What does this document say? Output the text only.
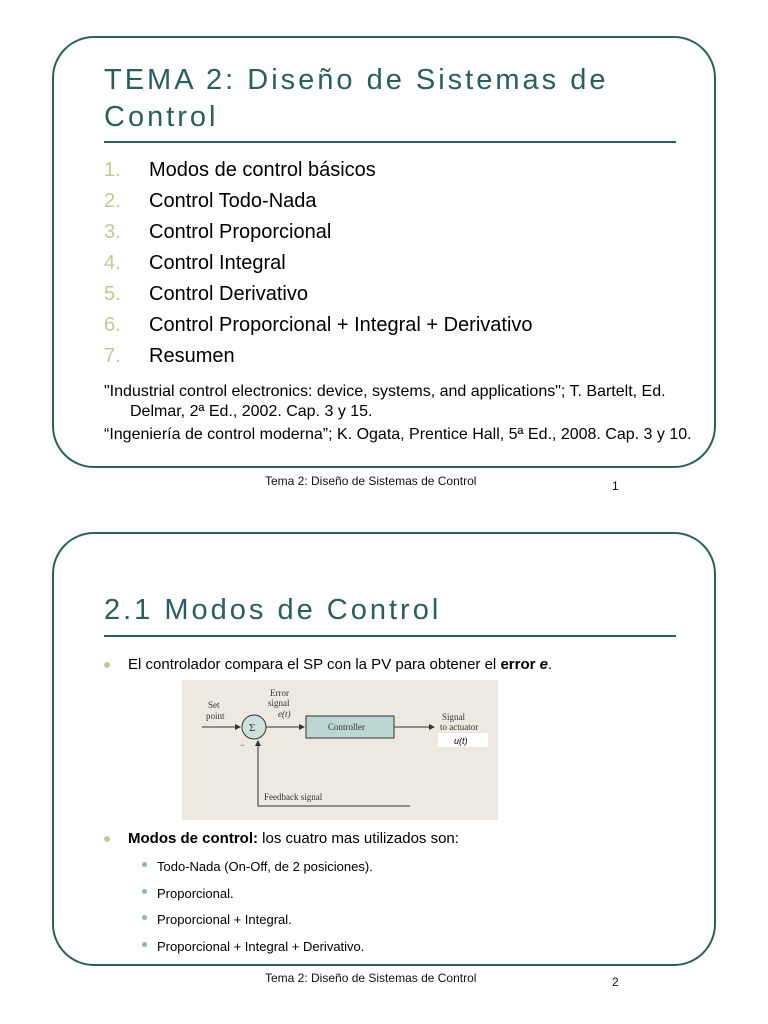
TEMA 2: Diseño de Sistemas de Control
1.	Modos de control básicos
2.	Control Todo-Nada
3.	Control Proporcional
4.	Control Integral
5.	Control Derivativo
6.	Control Proporcional + Integral + Derivativo
7.	Resumen
"Industrial control electronics: device, systems, and applications"; T. Bartelt, Ed. Delmar, 2ª Ed., 2002. Cap. 3 y 15.
“Ingeniería de control moderna”; K. Ogata, Prentice Hall, 5ª Ed., 2008. Cap. 3 y 10.
Tema 2: Diseño de Sistemas de Control	1
2.1 Modos de Control
El controlador compara el SP con la PV para obtener el error e.
Set
point
Σ
−
Error
signal
e(t)
Controller
Signal
to actuator
u(t)
Feedback signal
Modos de control: los cuatro mas utilizados son:
Todo-Nada (On-Off, de 2 posiciones).
Proporcional.
Proporcional + Integral.
Proporcional + Integral + Derivativo.
Tema 2: Diseño de Sistemas de Control	2
